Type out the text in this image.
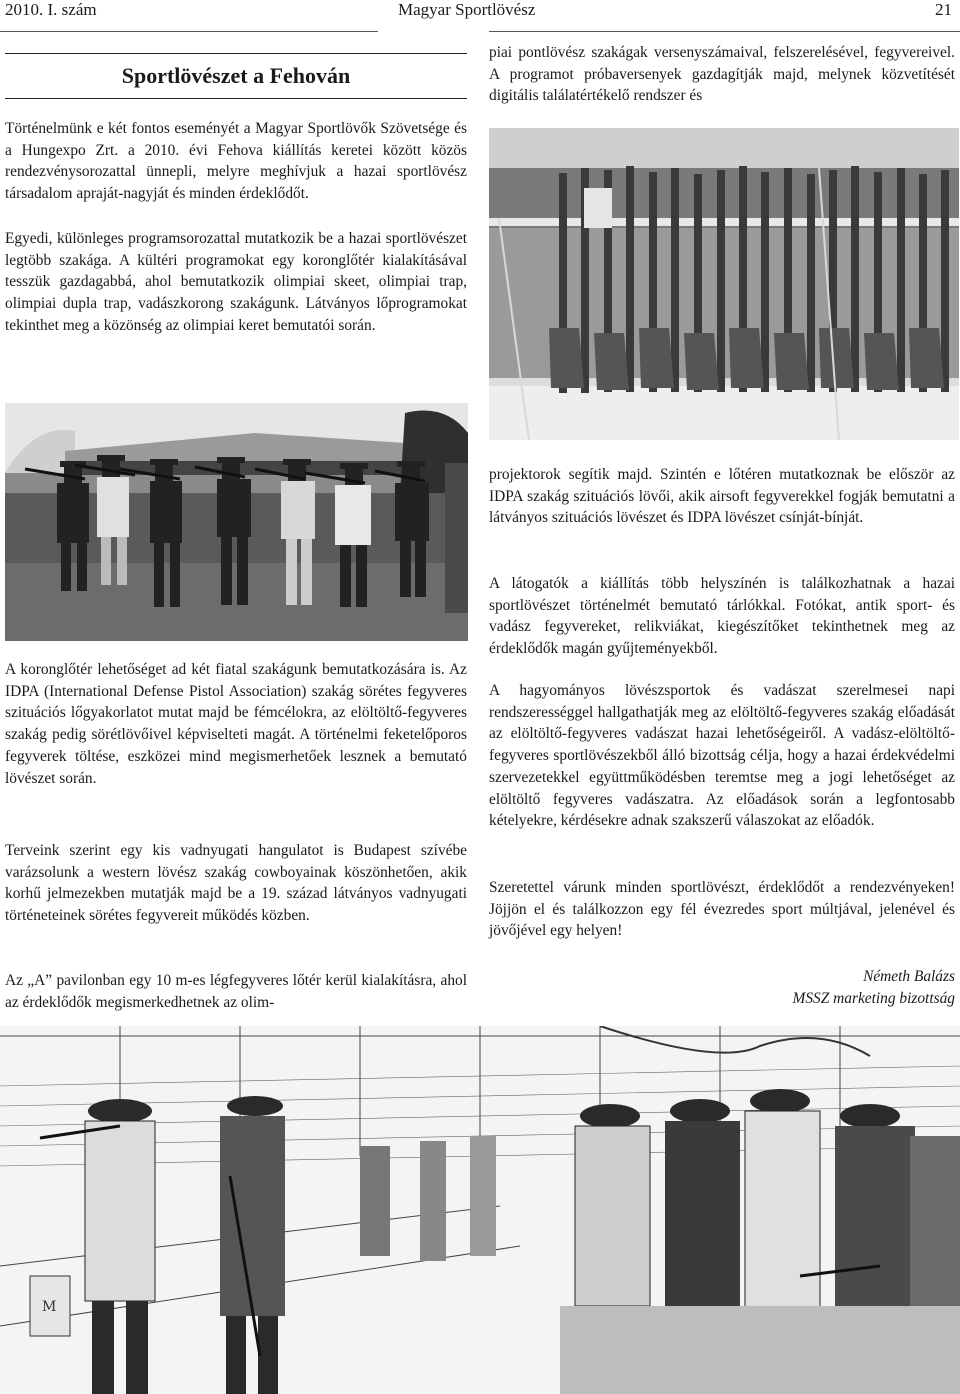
2010. I. szám	Magyar Sportlövész	21
Sportlövészet a Fehován

Történelmünk e két fontos eseményét a Magyar Sportlövők Szövetsége és a Hungexpo Zrt. a 2010. évi Fehova kiállítás keretei között közös rendezvénysorozattal ünnepli, melyre meghívjuk a hazai sportlövész társadalom apraját-nagyját és minden érdeklődőt.

Egyedi, különleges programsorozattal mutatkozik be a hazai sportlövészet legtöbb szakága. A kültéri programokat egy koronglőtér kialakításával tesszük gazdagabbá, ahol bemutatkozik olimpiai skeet, olimpiai trap, olimpiai dupla trap, vadászkorong szakágunk. Látványos lőprogramokat tekinthet meg a közönség az olimpiai keret bemutatói során.

A koronglőtér lehetőséget ad két fiatal szakágunk bemutatkozására is. Az IDPA (International Defense Pistol Association) szakág sörétes fegyveres szituációs lőgyakorlatot mutat majd be fémcélokra, az elöltöltő-fegyveres szakág pedig sörétlövőivel képviselteti magát. A történelmi feketelőporos fegyverek töltése, eszközei mind megismerhetőek lesznek a bemutató lövészet során.

Terveink szerint egy kis vadnyugati hangulatot is Budapest szívébe varázsolunk a western lövész szakág cowboyainak köszönhetően, akik korhű jelmezekben mutatják majd be a 19. század látványos vadnyugati történeteinek sörétes fegyvereit működés közben.

Az „A” pavilonban egy 10 m-es légfegyveres lőtér kerül kialakításra, ahol az érdeklődők megismerkedhetnek az olim-

piai pontlövész szakágak versenyszámaival, felszerelésével, fegyvereivel. A programot próbaversenyek gazdagítják majd, melynek közvetítését digitális találatértékelő rendszer és

projektorok segítik majd. Szintén e lőtéren mutatkoznak be először az IDPA szakág szituációs lövői, akik airsoft fegyverekkel fogják bemutatni a látványos szituációs lövészet és IDPA lövészet csínját-bínját.

A látogatók a kiállítás több helyszínén is találkozhatnak a hazai sportlövészet történelmét bemutató tárlókkal. Fotókat, antik sport- és vadász fegyvereket, relikviákat, kiegészítőket tekinthetnek meg az érdeklődők magán gyűjteményekből.

A hagyományos lövészsportok és vadászat szerelmesei napi rendszerességgel hallgathatják meg az elöltöltő-fegyveres szakág előadását az elöltöltő-fegyveres vadászat hazai lehetőségeiről. A vadász-elöltöltő-fegyveres sportlövészekből álló bizottság célja, hogy a hazai érdekvédelmi szervezetekkel együttműködésben teremtse meg a jogi lehetőséget az elöltöltő fegyveres vadászatra. Az előadások során a legfontosabb kételyekre, kérdésekre adnak szakszerű válaszokat az előadók.

Szeretettel várunk minden sportlövészt, érdeklődőt a rendezvényeken! Jöjjön el és találkozzon egy fél évezredes sport múltjával, jelenével és jövőjével egy helyen!

Németh Balázs
MSSZ marketing bizottság
M
